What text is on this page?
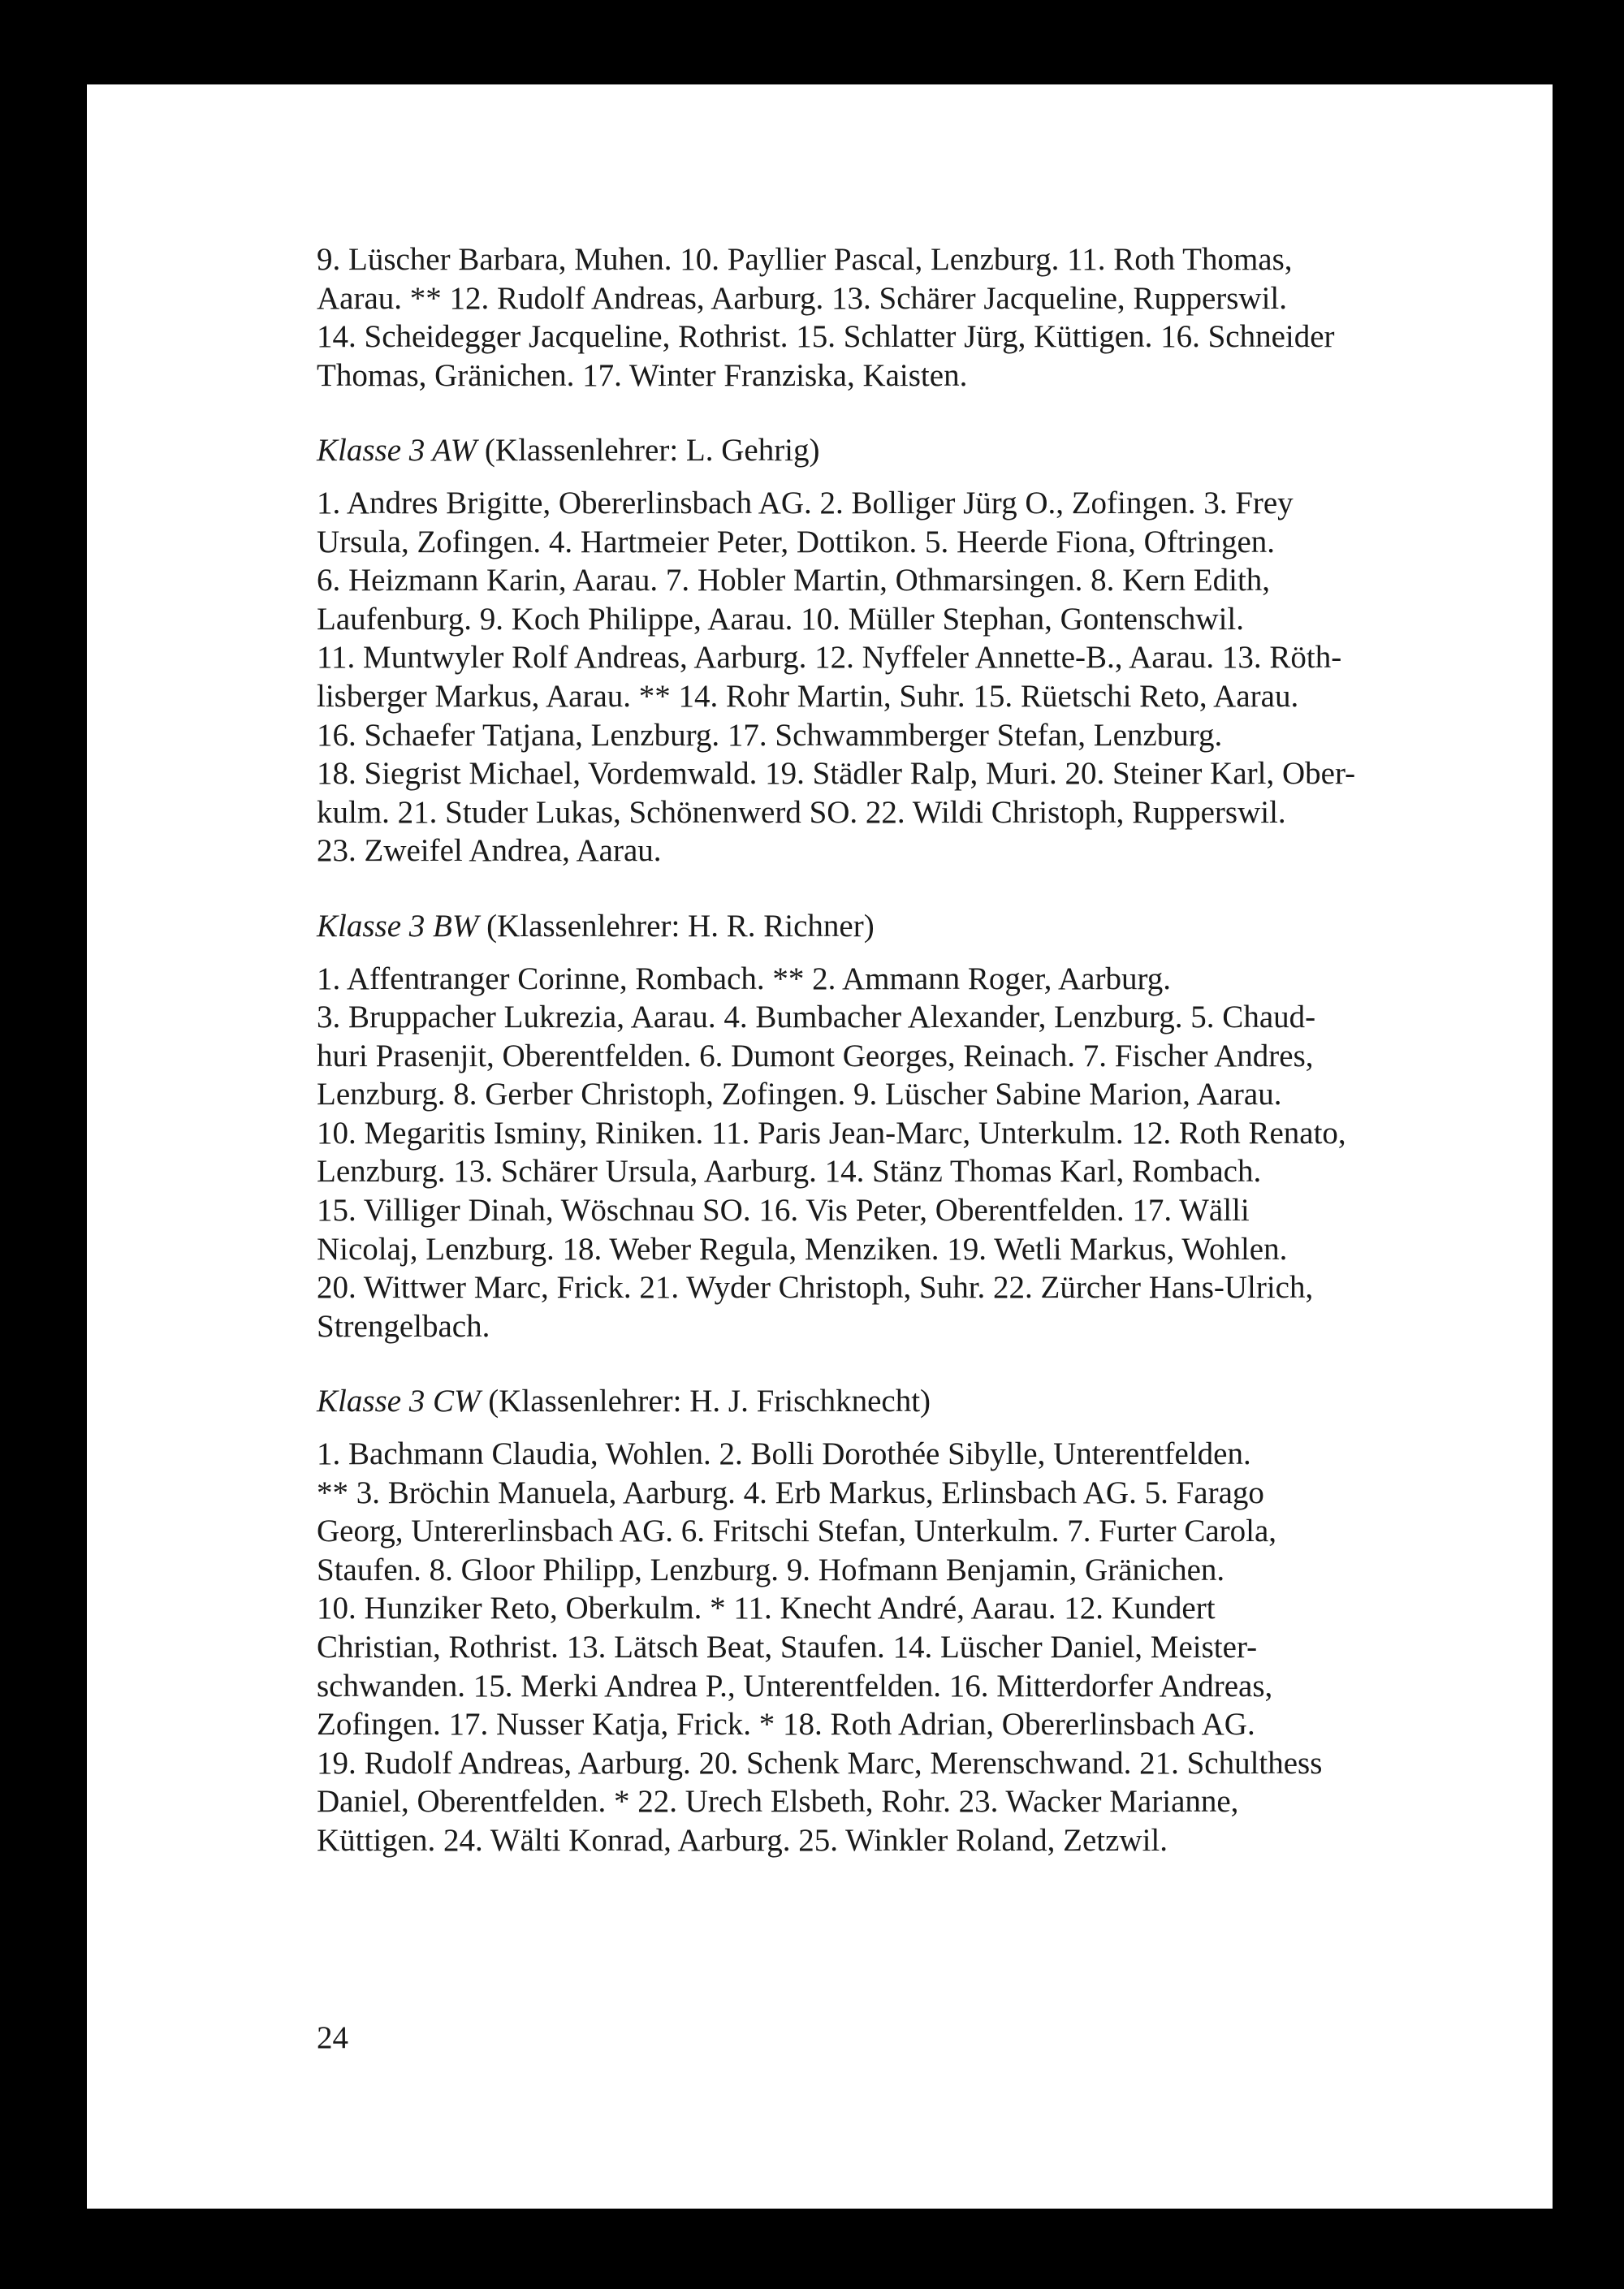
9. Lüscher Barbara, Muhen. 10. Payllier Pascal, Lenzburg. 11. Roth Thomas,
Aarau. ** 12. Rudolf Andreas, Aarburg. 13. Schärer Jacqueline, Rupperswil.
14. Scheidegger Jacqueline, Rothrist. 15. Schlatter Jürg, Küttigen. 16. Schneider
Thomas, Gränichen. 17. Winter Franziska, Kaisten.
Klasse 3 AW (Klassenlehrer: L. Gehrig)
1. Andres Brigitte, Obererlinsbach AG. 2. Bolliger Jürg O., Zofingen. 3. Frey
Ursula, Zofingen. 4. Hartmeier Peter, Dottikon. 5. Heerde Fiona, Oftringen.
6. Heizmann Karin, Aarau. 7. Hobler Martin, Othmarsingen. 8. Kern Edith,
Laufenburg. 9. Koch Philippe, Aarau. 10. Müller Stephan, Gontenschwil.
11. Muntwyler Rolf Andreas, Aarburg. 12. Nyffeler Annette-B., Aarau. 13. Röth-
lisberger Markus, Aarau. ** 14. Rohr Martin, Suhr. 15. Rüetschi Reto, Aarau.
16. Schaefer Tatjana, Lenzburg. 17. Schwammberger Stefan, Lenzburg.
18. Siegrist Michael, Vordemwald. 19. Städler Ralp, Muri. 20. Steiner Karl, Ober-
kulm. 21. Studer Lukas, Schönenwerd SO. 22. Wildi Christoph, Rupperswil.
23. Zweifel Andrea, Aarau.
Klasse 3 BW (Klassenlehrer: H. R. Richner)
1. Affentranger Corinne, Rombach. ** 2. Ammann Roger, Aarburg.
3. Bruppacher Lukrezia, Aarau. 4. Bumbacher Alexander, Lenzburg. 5. Chaud-
huri Prasenjit, Oberentfelden. 6. Dumont Georges, Reinach. 7. Fischer Andres,
Lenzburg. 8. Gerber Christoph, Zofingen. 9. Lüscher Sabine Marion, Aarau.
10. Megaritis Isminy, Riniken. 11. Paris Jean-Marc, Unterkulm. 12. Roth Renato,
Lenzburg. 13. Schärer Ursula, Aarburg. 14. Stänz Thomas Karl, Rombach.
15. Villiger Dinah, Wöschnau SO. 16. Vis Peter, Oberentfelden. 17. Wälli
Nicolaj, Lenzburg. 18. Weber Regula, Menziken. 19. Wetli Markus, Wohlen.
20. Wittwer Marc, Frick. 21. Wyder Christoph, Suhr. 22. Zürcher Hans-Ulrich,
Strengelbach.
Klasse 3 CW (Klassenlehrer: H. J. Frischknecht)
1. Bachmann Claudia, Wohlen. 2. Bolli Dorothée Sibylle, Unterentfelden.
** 3. Bröchin Manuela, Aarburg. 4. Erb Markus, Erlinsbach AG. 5. Farago
Georg, Untererlinsbach AG. 6. Fritschi Stefan, Unterkulm. 7. Furter Carola,
Staufen. 8. Gloor Philipp, Lenzburg. 9. Hofmann Benjamin, Gränichen.
10. Hunziker Reto, Oberkulm. * 11. Knecht André, Aarau. 12. Kundert
Christian, Rothrist. 13. Lätsch Beat, Staufen. 14. Lüscher Daniel, Meister-
schwanden. 15. Merki Andrea P., Unterentfelden. 16. Mitterdorfer Andreas,
Zofingen. 17. Nusser Katja, Frick. * 18. Roth Adrian, Obererlinsbach AG.
19. Rudolf Andreas, Aarburg. 20. Schenk Marc, Merenschwand. 21. Schulthess
Daniel, Oberentfelden. * 22. Urech Elsbeth, Rohr. 23. Wacker Marianne,
Küttigen. 24. Wälti Konrad, Aarburg. 25. Winkler Roland, Zetzwil.
24
